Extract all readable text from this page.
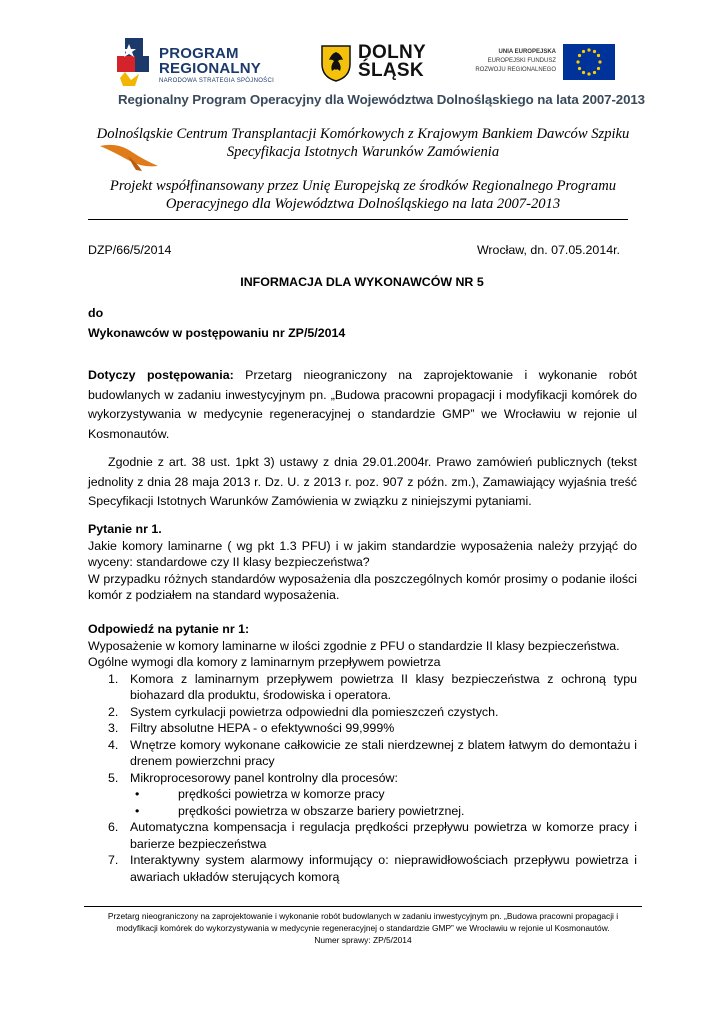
PROGRAM
REGIONALNY
NARODOWA STRATEGIA SPÓJNOŚCI
DOLNY
ŚLĄSK
UNIA EUROPEJSKA
EUROPEJSKI FUNDUSZ
ROZWOJU REGIONALNEGO
Regionalny Program Operacyjny dla Województwa Dolnośląskiego na lata 2007-2013
Dolnośląskie Centrum Transplantacji Komórkowych z Krajowym Bankiem Dawców Szpiku
Specyfikacja Istotnych Warunków Zamówienia
Projekt współfinansowany przez Unię Europejską ze środków Regionalnego Programu
Operacyjnego dla Województwa Dolnośląskiego na lata 2007-2013
DZP/66/5/2014	Wrocław, dn. 07.05.2014r.
INFORMACJA DLA WYKONAWCÓW NR 5
do
Wykonawców w postępowaniu nr ZP/5/2014
Dotyczy postępowania: Przetarg nieograniczony na zaprojektowanie i wykonanie robót budowlanych w zadaniu inwestycyjnym pn. „Budowa pracowni propagacji i modyfikacji komórek do wykorzystywania w medycynie regeneracyjnej o standardzie GMP” we Wrocławiu w rejonie ul Kosmonautów.
Zgodnie z art. 38 ust. 1pkt 3) ustawy z dnia 29.01.2004r. Prawo zamówień publicznych (tekst jednolity z dnia 28 maja 2013 r. Dz. U. z 2013 r. poz. 907 z późn. zm.), Zamawiający wyjaśnia treść Specyfikacji Istotnych Warunków Zamówienia w związku z niniejszymi pytaniami.
Pytanie nr 1.
Jakie komory laminarne ( wg pkt 1.3 PFU) i w jakim standardzie wyposażenia należy przyjąć do wyceny: standardowe czy II klasy bezpieczeństwa?
W przypadku różnych standardów wyposażenia dla poszczególnych komór prosimy o podanie ilości komór z podziałem na standard wyposażenia.
Odpowiedź na pytanie nr 1:
Wyposażenie w komory laminarne w ilości zgodnie z PFU o standardzie II klasy bezpieczeństwa.
Ogólne wymogi dla komory z laminarnym przepływem powietrza
1. Komora z laminarnym przepływem powietrza II klasy bezpieczeństwa z ochroną typu biohazard dla produktu, środowiska i operatora.
2. System cyrkulacji powietrza odpowiedni dla pomieszczeń czystych.
3. Filtry absolutne HEPA - o efektywności 99,999%
4. Wnętrze komory wykonane całkowicie ze stali nierdzewnej z blatem łatwym do demontażu i drenem powierzchni pracy
5. Mikroprocesorowy panel kontrolny dla procesów:
•	prędkości powietrza w komorze pracy
•	prędkości powietrza w obszarze bariery powietrznej.
6. Automatyczna kompensacja i regulacja prędkości przepływu powietrza w komorze pracy i barierze bezpieczeństwa
7. Interaktywny system alarmowy informujący o: nieprawidłowościach przepływu powietrza i awariach układów sterujących komorą
Przetarg nieograniczony na zaprojektowanie i wykonanie robót budowlanych w zadaniu inwestycyjnym pn. „Budowa pracowni propagacji i
modyfikacji komórek do wykorzystywania w medycynie regeneracyjnej o standardzie GMP” we Wrocławiu w rejonie ul Kosmonautów.
Numer sprawy: ZP/5/2014
